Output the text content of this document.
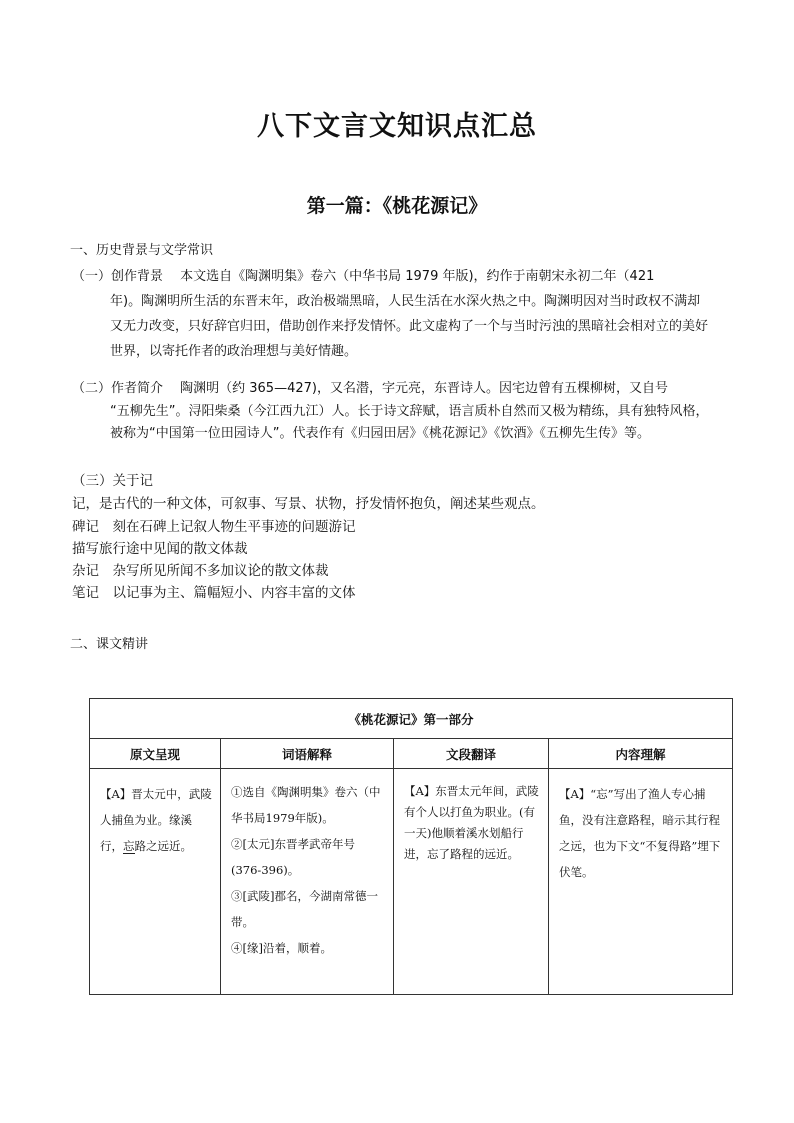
八下文言文知识点汇总
第一篇：《桃花源记》
一、历史背景与文学常识
（一）创作背景　 本文选自《陶渊明集》卷六（中华书局 1979 年版)，约作于南朝宋永初二年（421
年)。陶渊明所生活的东晋末年，政治极端黑暗，人民生活在水深火热之中。陶渊明因对当时政权不满却又无力改变，只好辞官归田，借助创作来抒发情怀。此文虚构了一个与当时污浊的黑暗社会相对立的美好世界，以寄托作者的政治理想与美好情趣。
（二）作者简介　 陶渊明（约 365—427)，又名潜，字元亮，东晋诗人。因宅边曾有五棵柳树，又自号
“五柳先生”。浔阳柴桑（今江西九江）人。长于诗文辞赋，语言质朴自然而又极为精练，具有独特风格，被称为“中国第一位田园诗人”。代表作有《归园田居》《桃花源记》《饮酒》《五柳先生传》等。
（三）关于记
记，是古代的一种文体，可叙事、写景、状物，抒发情怀抱负，阐述某些观点。
碑记　刻在石碑上记叙人物生平事迹的问题游记
描写旅行途中见闻的散文体裁
杂记　杂写所见所闻不多加议论的散文体裁
笔记　以记事为主、篇幅短小、内容丰富的文体
二、课文精讲
《桃花源记》第一部分			
原文呈现	词语解释	文段翻译	内容理解
【A】晋太元中，武陵人捕鱼为业。缘溪行，忘路之远近。	①选自《陶渊明集》卷六（中华书局1979年版)。
②[太元]东晋孝武帝年号(376-396)。
③[武陵]郡名，今湖南常德一带。
④[缘]沿着，顺着。	【A】东晋太元年间，武陵有个人以打鱼为职业。(有一天)他顺着溪水划船行进，忘了路程的远近。	【A】“忘”写出了渔人专心捕鱼，没有注意路程，暗示其行程之远，也为下文“不复得路”埋下伏笔。
